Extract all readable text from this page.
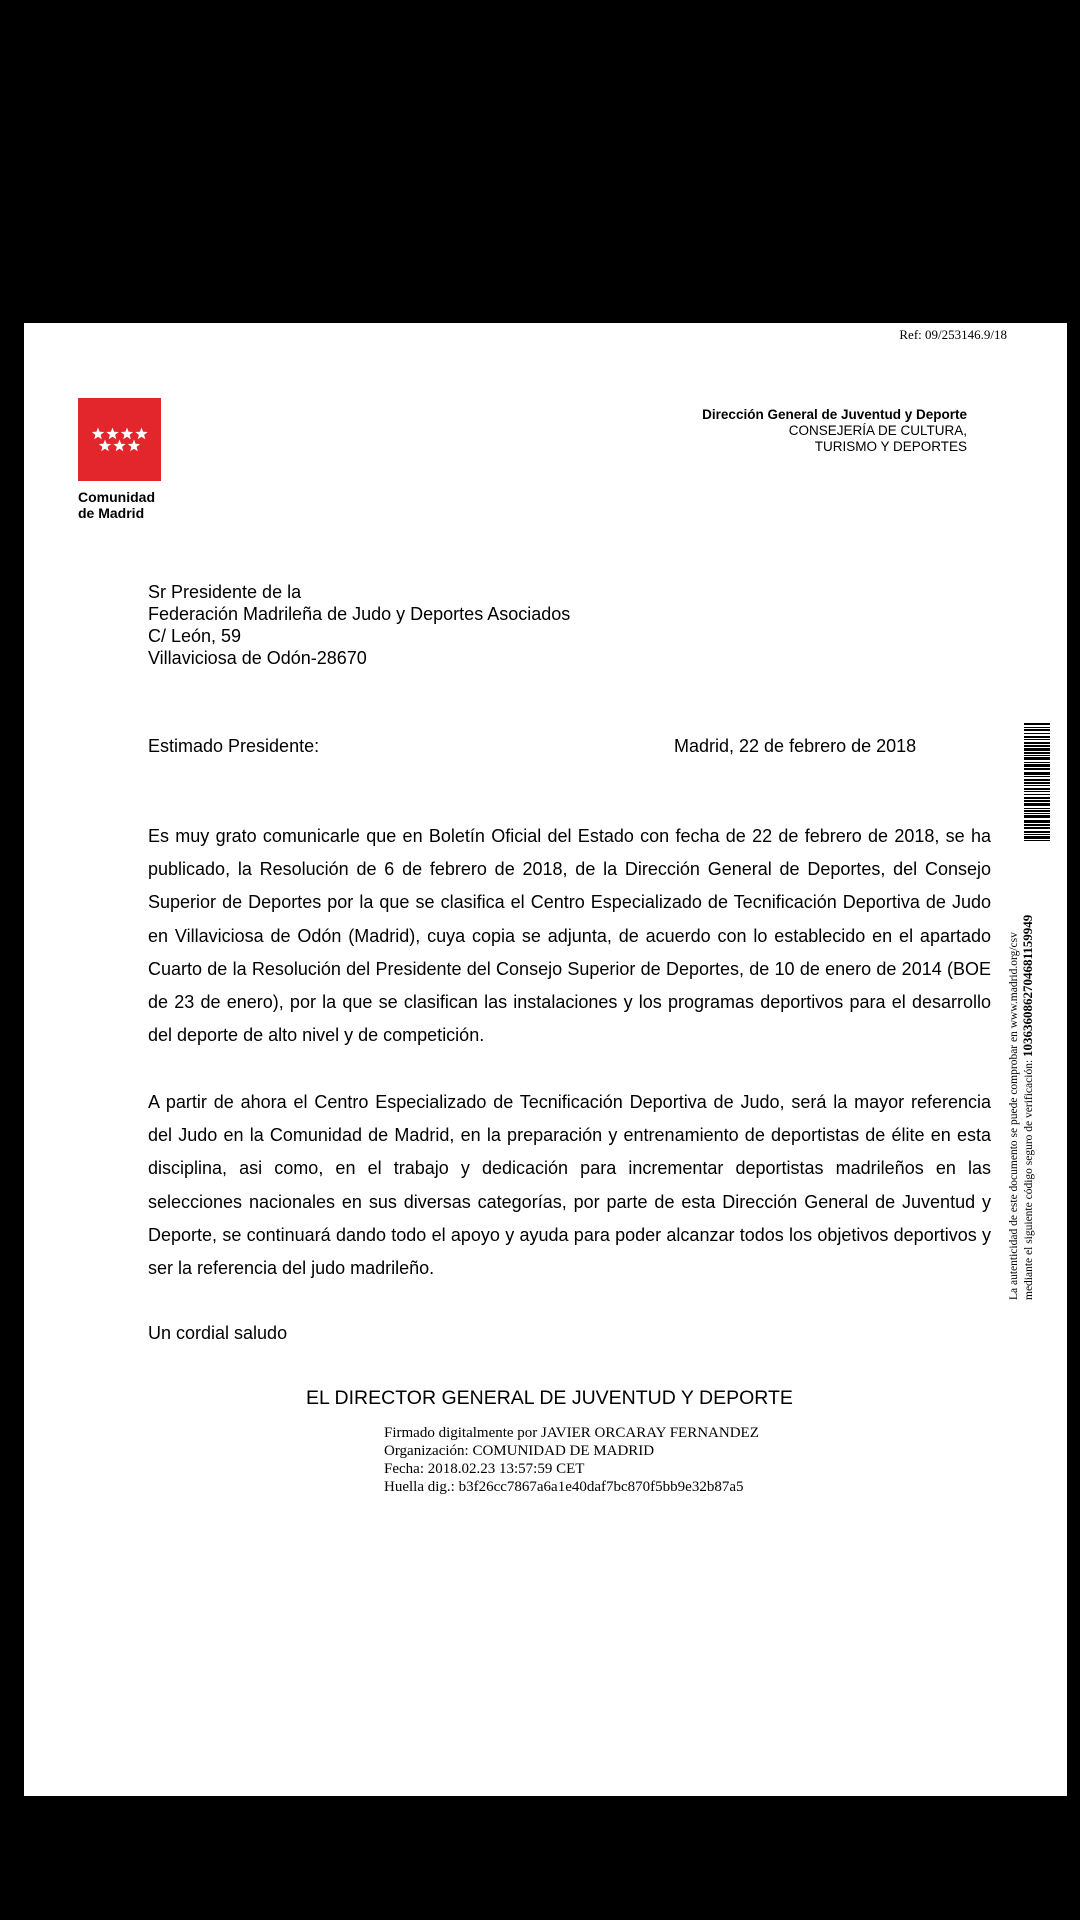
Ref: 09/253146.9/18
Comunidad
de Madrid
Dirección General de Juventud y Deporte
CONSEJERÍA DE CULTURA,
TURISMO Y DEPORTES
Sr Presidente de la
Federación Madrileña de Judo y Deportes Asociados
C/ León, 59
Villaviciosa de Odón-28670
Estimado Presidente:	Madrid, 22 de febrero de 2018
Es muy grato comunicarle que en Boletín Oficial del Estado con fecha de 22 de febrero de 2018, se ha publicado, la Resolución de 6 de febrero de 2018, de la Dirección General de Deportes, del Consejo Superior de Deportes por la que se clasifica el Centro Especializado de Tecnificación Deportiva de Judo en Villaviciosa de Odón (Madrid), cuya copia se adjunta, de acuerdo con lo establecido en el apartado Cuarto de la Resolución del Presidente del Consejo Superior de Deportes, de 10 de enero de 2014 (BOE de 23 de enero), por la que se clasifican las instalaciones y los programas deportivos para el desarrollo del deporte de alto nivel y de competición.
A partir de ahora el Centro Especializado de Tecnificación Deportiva de Judo, será la mayor referencia del Judo en la Comunidad de Madrid, en la preparación y entrenamiento de deportistas de élite en esta disciplina, asi como, en el trabajo y dedicación para incrementar deportistas madrileños en las selecciones nacionales en sus diversas categorías, por parte de esta Dirección General de Juventud y Deporte, se continuará dando todo el apoyo y ayuda para poder alcanzar todos los objetivos deportivos y ser la referencia del judo madrileño.
Un cordial saludo
EL DIRECTOR GENERAL DE JUVENTUD Y DEPORTE
Firmado digitalmente por JAVIER ORCARAY FERNANDEZ
Organización: COMUNIDAD DE MADRID
Fecha: 2018.02.23 13:57:59 CET
Huella dig.: b3f26cc7867a6a1e40daf7bc870f5bb9e32b87a5
La autenticidad de este documento se puede comprobar en www.madrid.org/csv mediante el siguiente código seguro de verificación: 1036360862704681159949
